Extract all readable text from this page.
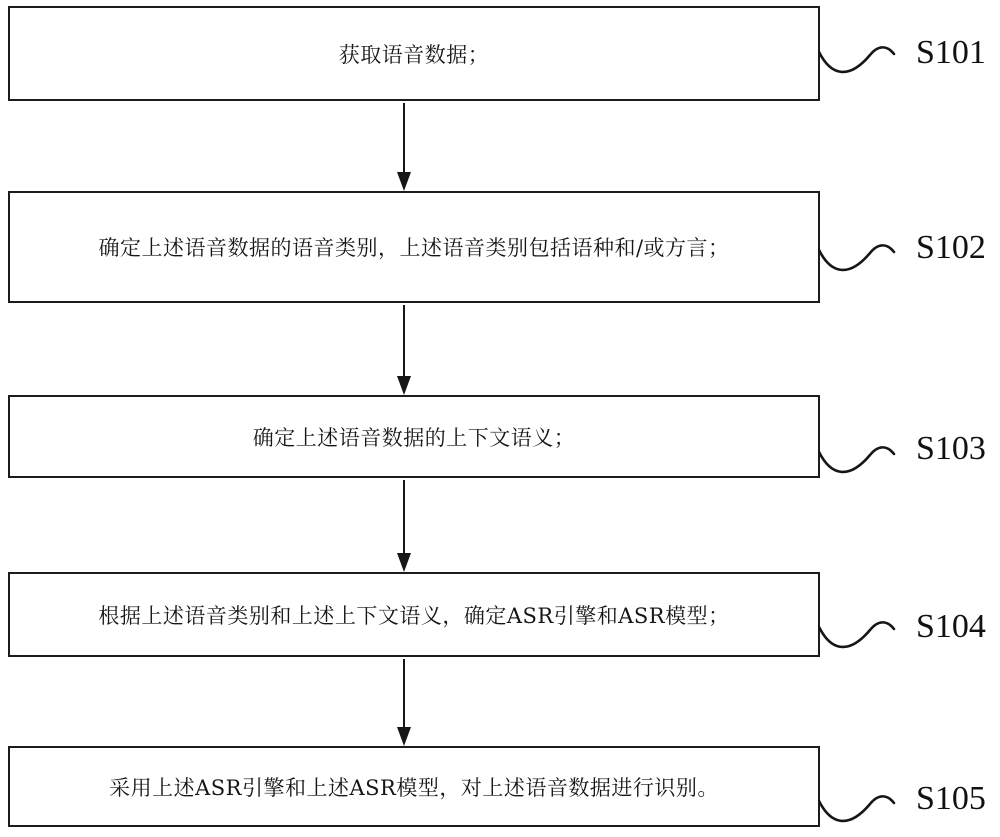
获取语音数据；	S101
确定上述语音数据的语音类别，上述语音类别包括语种和/或方言；	S102
确定上述语音数据的上下文语义；	S103
根据上述语音类别和上述上下文语义，确定ASR引擎和ASR模型；	S104
采用上述ASR引擎和上述ASR模型，对上述语音数据进行识别。	S105
